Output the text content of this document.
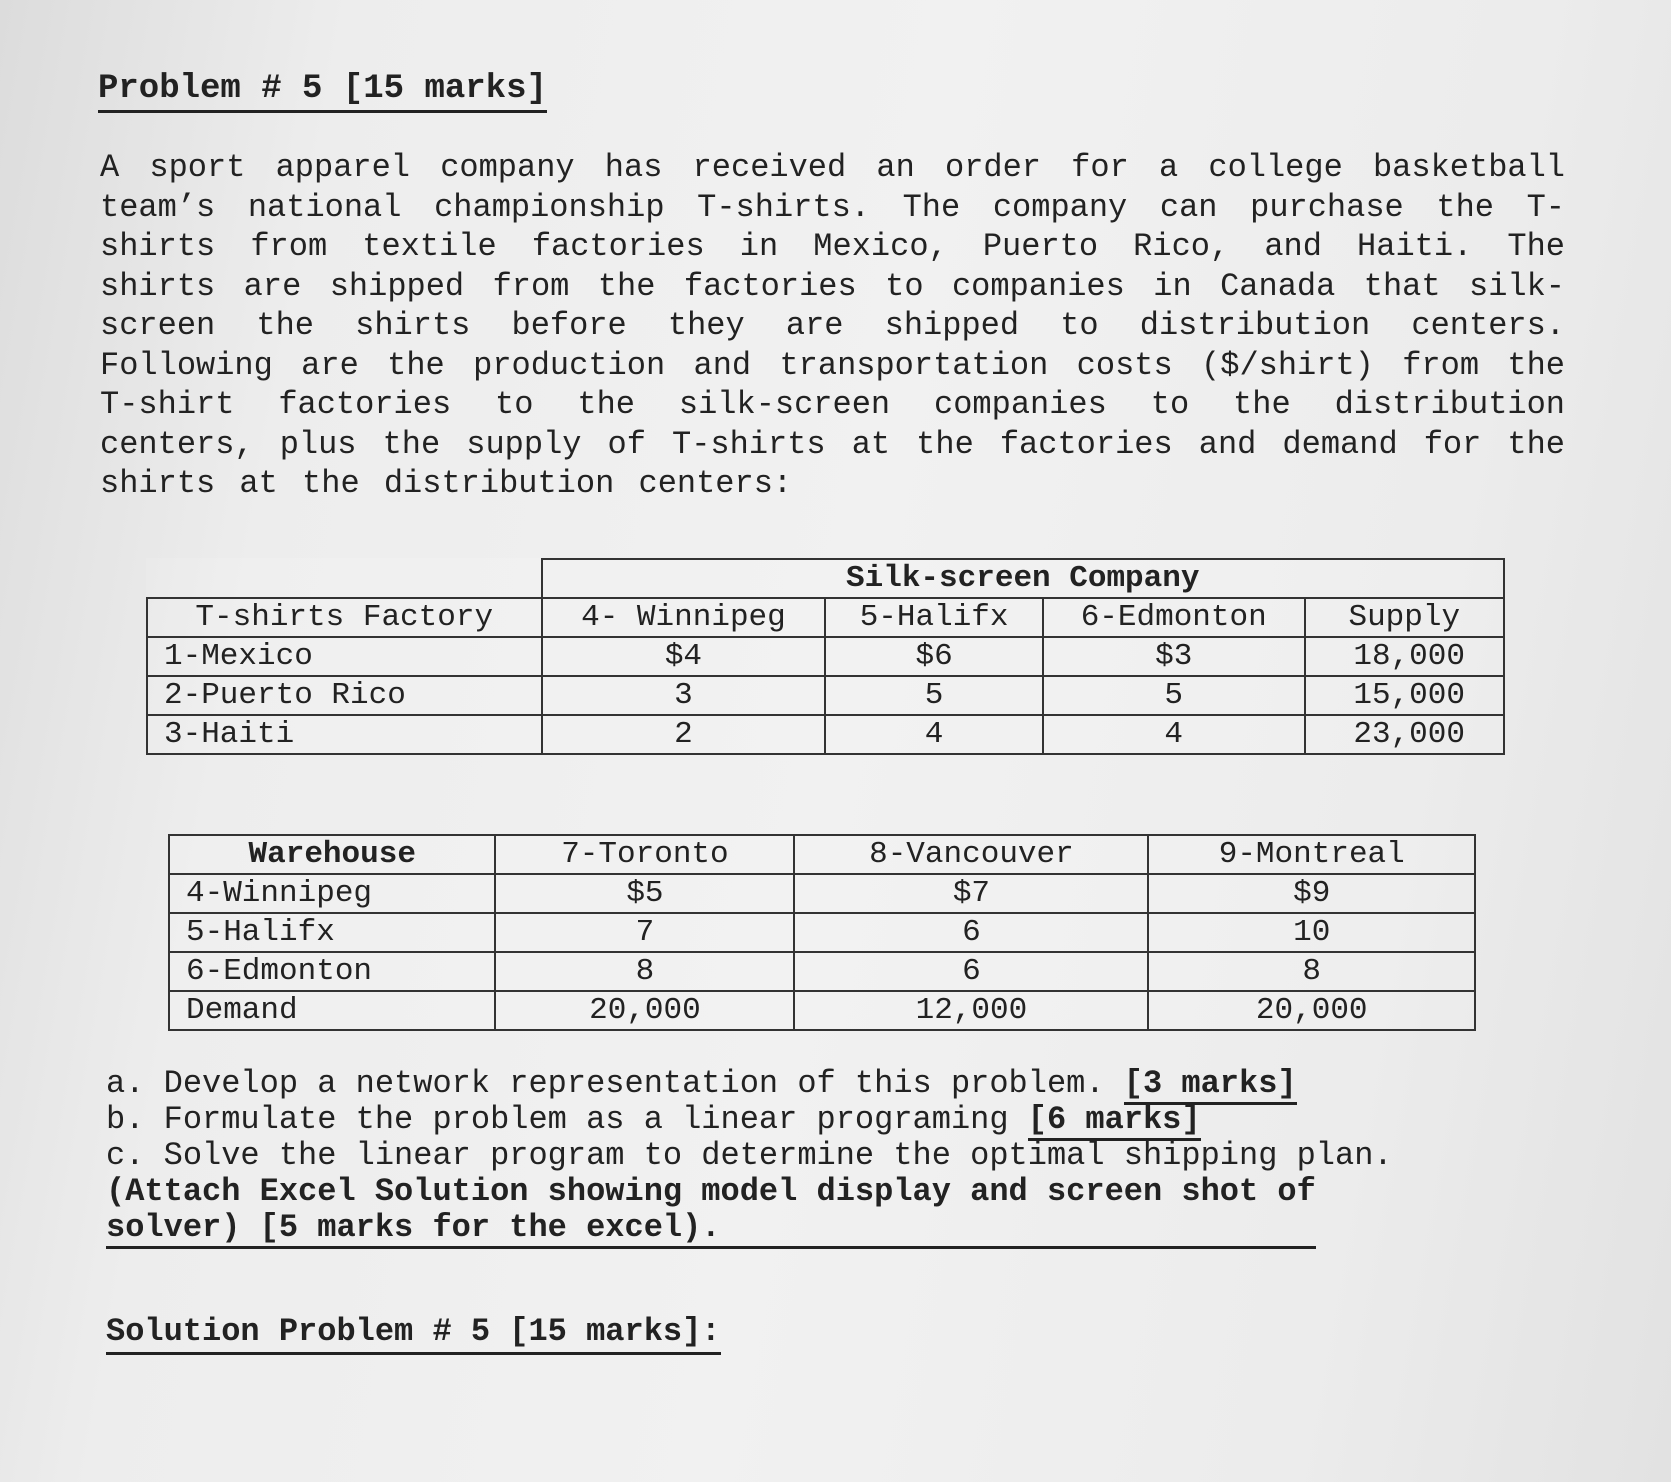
Problem # 5 [15 marks]
A sport apparel company has received an order for a college basketball team’s national championship T-shirts. The company can purchase the T-shirts from textile factories in Mexico, Puerto Rico, and Haiti. The shirts are shipped from the factories to companies in Canada that silk-screen the shirts before they are shipped to distribution centers. Following are the production and transportation costs ($/shirt) from the T-shirt factories to the silk-screen companies to the distribution centers, plus the supply of T-shirts at the factories and demand for the shirts at the distribution centers:
	Silk-screen Company			
T-shirts Factory	4- Winnipeg	5-Halifx	6-Edmonton	Supply
1-Mexico	$4	$6	$3	18,000
2-Puerto Rico	3	5	5	15,000
3-Haiti	2	4	4	23,000
Warehouse	7-Toronto	8-Vancouver	9-Montreal
4-Winnipeg	$5	$7	$9
5-Halifx	7	6	10
6-Edmonton	8	6	8
Demand	20,000	12,000	20,000
a. Develop a network representation of this problem. [3 marks]
b. Formulate the problem as a linear programing [6 marks]
c. Solve the linear program to determine the optimal shipping plan.
(Attach Excel Solution showing model display and screen shot of solver) [5 marks for the excel).
Solution Problem # 5 [15 marks]:
